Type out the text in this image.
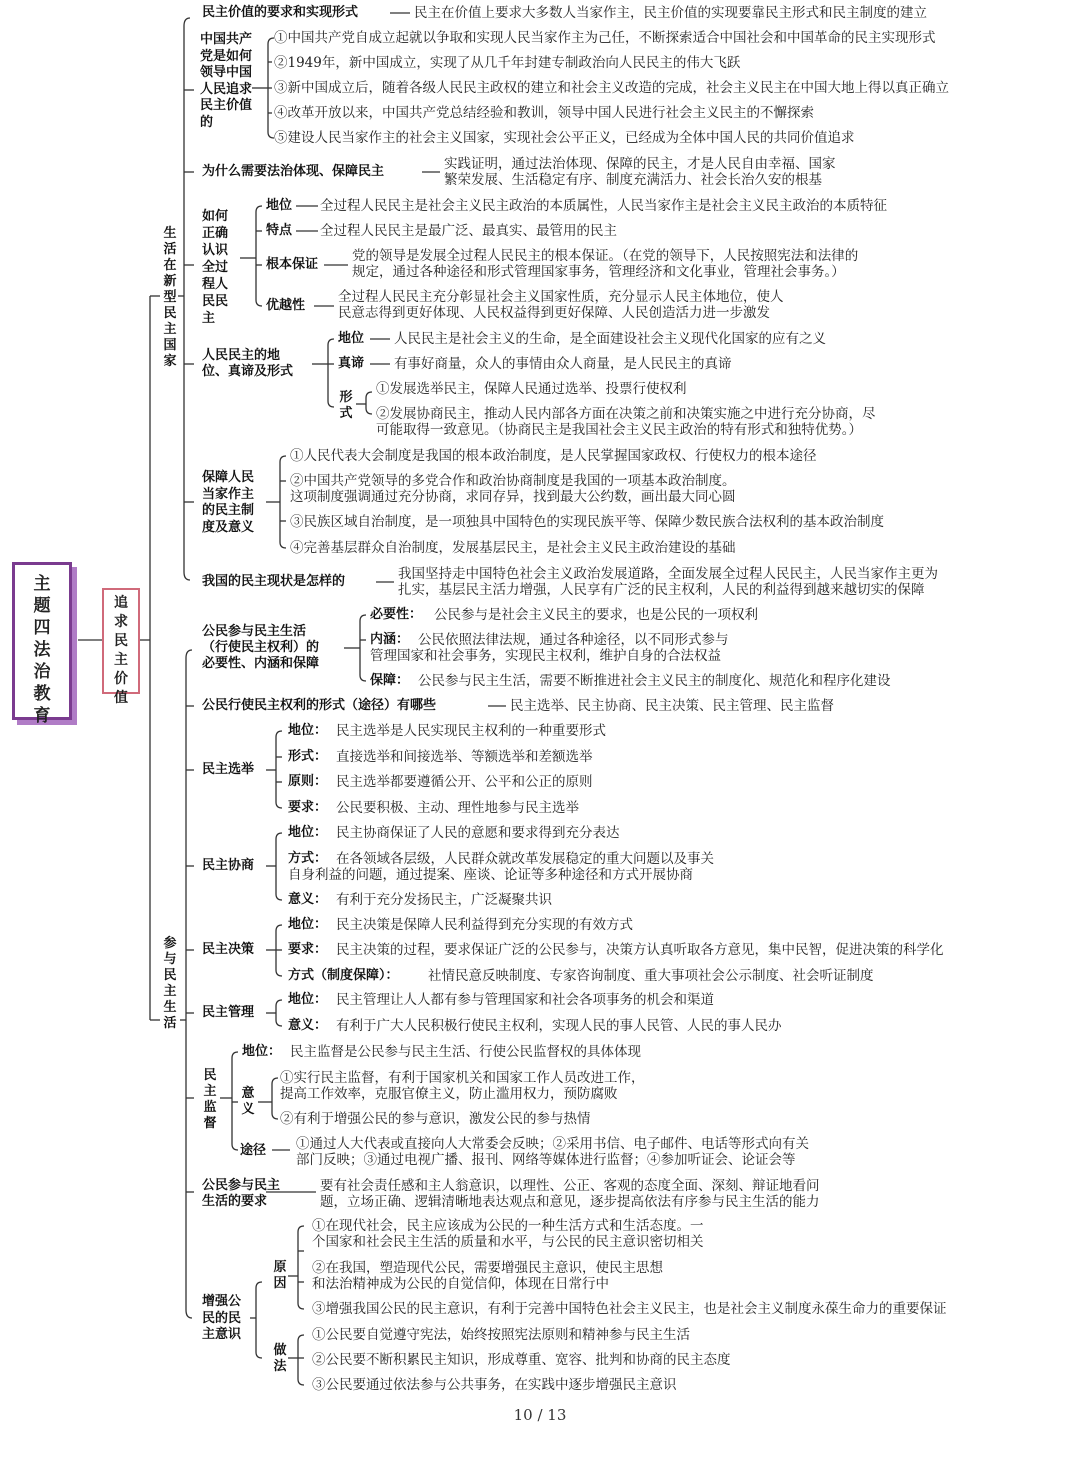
主题四法治教育
追求民主价值
生活在新型民主国家
参与民主生活
民主价值的要求和实现形式	民主在价值上要求大多数人当家作主，民主价值的实现要靠民主形式和民主制度的建立
中国共产党是如何领导中国人民追求民主价值的
①中国共产党自成立起就以争取和实现人民当家作主为己任，不断探索适合中国社会和中国革命的民主实现形式
②1949年，新中国成立，实现了从几千年封建专制政治向人民民主的伟大飞跃
③新中国成立后，随着各级人民民主政权的建立和社会主义改造的完成，社会主义民主在中国大地上得以真正确立
④改革开放以来，中国共产党总结经验和教训，领导中国人民进行社会主义民主的不懈探索
⑤建设人民当家作主的社会主义国家，实现社会公平正义，已经成为全体中国人民的共同价值追求
为什么需要法治体现、保障民主	实践证明，通过法治体现、保障的民主，才是人民自由幸福、国家
繁荣发展、生活稳定有序、制度充满活力、社会长治久安的根基
如何正确认识全过程人民民主
地位 全过程人民民主是社会主义民主政治的本质属性，人民当家作主是社会主义民主政治的本质特征
特点 全过程人民民主是最广泛、最真实、最管用的民主
根本保证
党的领导是发展全过程人民民主的根本保证。（在党的领导下，人民按照宪法和法律的
规定，通过各种途径和形式管理国家事务，管理经济和文化事业，管理社会事务。）
优越性
全过程人民民主充分彰显社会主义国家性质，充分显示人民主体地位，使人
民意志得到更好体现、人民权益得到更好保障、人民创造活力进一步激发
人民民主的地
位、真谛及形式
地位 人民民主是社会主义的生命，是全面建设社会主义现代化国家的应有之义
真谛 有事好商量，众人的事情由众人商量，是人民民主的真谛
形式
①发展选举民主，保障人民通过选举、投票行使权利
②发展协商民主，推动人民内部各方面在决策之前和决策实施之中进行充分协商，尽
可能取得一致意见。（协商民主是我国社会主义民主政治的特有形式和独特优势。）
保障人民当家作主的民主制度及意义
①人民代表大会制度是我国的根本政治制度，是人民掌握国家政权、行使权力的根本途径
②中国共产党领导的多党合作和政治协商制度是我国的一项基本政治制度。
这项制度强调通过充分协商，求同存异，找到最大公约数，画出最大同心圆
③民族区域自治制度，是一项独具中国特色的实现民族平等、保障少数民族合法权利的基本政治制度
④完善基层群众自治制度，发展基层民主，是社会主义民主政治建设的基础
我国的民主现状是怎样的	我国坚持走中国特色社会主义政治发展道路，全面发展全过程人民民主，人民当家作主更为
扎实，基层民主活力增强，人民享有广泛的民主权利，人民的利益得到越来越切实的保障
公民参与民主生活
（行使民主权利）的
必要性、内涵和保障
必要性： 公民参与是社会主义民主的要求，也是公民的一项权利
内涵： 公民依照法律法规，通过各种途径，以不同形式参与
管理国家和社会事务，实现民主权利，维护自身的合法权益
保障： 公民参与民主生活，需要不断推进社会主义民主的制度化、规范化和程序化建设
公民行使民主权利的形式（途径）有哪些	民主选举、民主协商、民主决策、民主管理、民主监督
民主选举
地位： 民主选举是人民实现民主权利的一种重要形式
形式： 直接选举和间接选举、等额选举和差额选举
原则： 民主选举都要遵循公开、公平和公正的原则
要求： 公民要积极、主动、理性地参与民主选举
民主协商
地位： 民主协商保证了人民的意愿和要求得到充分表达
方式： 在各领域各层级，人民群众就改革发展稳定的重大问题以及事关
自身利益的问题，通过提案、座谈、论证等多种途径和方式开展协商
意义： 有利于充分发扬民主，广泛凝聚共识
民主决策
地位： 民主决策是保障人民利益得到充分实现的有效方式
要求： 民主决策的过程，要求保证广泛的公民参与，决策方认真听取各方意见，集中民智，促进决策的科学化
方式（制度保障）： 社情民意反映制度、专家咨询制度、重大事项社会公示制度、社会听证制度
民主管理
地位： 民主管理让人人都有参与管理国家和社会各项事务的机会和渠道
意义： 有利于广大人民积极行使民主权利，实现人民的事人民管、人民的事人民办
民主监督
地位： 民主监督是公民参与民主生活、行使公民监督权的具体体现
意义
①实行民主监督，有利于国家机关和国家工作人员改进工作，
提高工作效率，克服官僚主义，防止滥用权力，预防腐败
②有利于增强公民的参与意识，激发公民的参与热情
途径 ①通过人大代表或直接向人大常委会反映；②采用书信、电子邮件、电话等形式向有关
部门反映；③通过电视广播、报刊、网络等媒体进行监督；④参加听证会、论证会等
公民参与民主
生活的要求
要有社会责任感和主人翁意识，以理性、公正、客观的态度全面、深刻、辩证地看问
题，立场正确、逻辑清晰地表达观点和意见，逐步提高依法有序参与民主生活的能力
增强公民的民主意识
原因
①在现代社会，民主应该成为公民的一种生活方式和生活态度。一
个国家和社会民主生活的质量和水平，与公民的民主意识密切相关
②在我国，塑造现代公民，需要增强民主意识，使民主思想
和法治精神成为公民的自觉信仰，体现在日常行中
③增强我国公民的民主意识，有利于完善中国特色社会主义民主，也是社会主义制度永葆生命力的重要保证
做法
①公民要自觉遵守宪法，始终按照宪法原则和精神参与民主生活
②公民要不断积累民主知识，形成尊重、宽容、批判和协商的民主态度
③公民要通过依法参与公共事务，在实践中逐步增强民主意识
10 / 13
